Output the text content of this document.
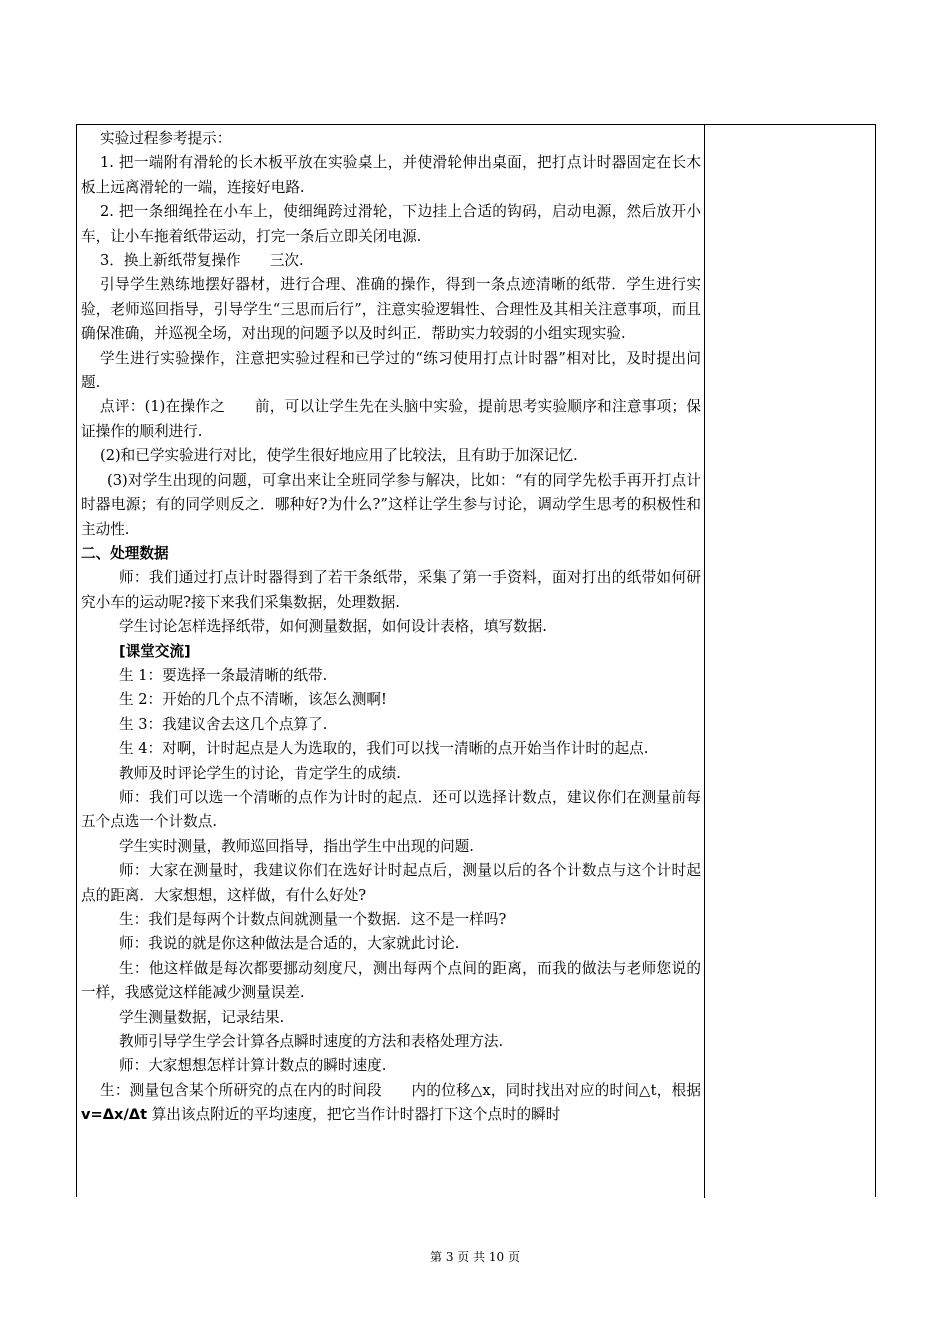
实验过程参考提示：

1. 把一端附有滑轮的长木板平放在实验桌上，并使滑轮伸出桌面，把打点计时器固定在长木板上远离滑轮的一端，连接好电路.

2. 把一条细绳拴在小车上，使细绳跨过滑轮，下边挂上合适的钩码，启动电源，然后放开小车，让小车拖着纸带运动，打完一条后立即关闭电源.

3．换上新纸带复操作　　三次.

引导学生熟练地摆好器材，进行合理、准确的操作，得到一条点迹清晰的纸带．学生进行实验，老师巡回指导，引导学生“三思而后行”，注意实验逻辑性、合理性及其相关注意事项，而且确保准确，并巡视全场，对出现的问题予以及时纠正．帮助实力较弱的小组实现实验.

学生进行实验操作，注意把实验过程和已学过的“练习使用打点计时器”相对比，及时提出问题.

点评：(1)在操作之　　前，可以让学生先在头脑中实验，提前思考实验顺序和注意事项；保证操作的顺利进行.

(2)和已学实验进行对比，使学生很好地应用了比较法，且有助于加深记忆.

(3)对学生出现的问题，可拿出来让全班同学参与解决，比如：“有的同学先松手再开打点计时器电源；有的同学则反之．哪种好?为什么?”这样让学生参与讨论，调动学生思考的积极性和主动性.

二、处理数据

师：我们通过打点计时器得到了若干条纸带，采集了第一手资料，面对打出的纸带如何研究小车的运动呢?接下来我们采集数据，处理数据.

学生讨论怎样选择纸带，如何测量数据，如何设计表格，填写数据.

[课堂交流]

生 1：要选择一条最清晰的纸带.

生 2：开始的几个点不清晰，该怎么测啊!

生 3：我建议舍去这几个点算了.

生 4：对啊，计时起点是人为选取的，我们可以找一清晰的点开始当作计时的起点.

教师及时评论学生的讨论，肯定学生的成绩.

师：我们可以选一个清晰的点作为计时的起点．还可以选择计数点，建议你们在测量前每五个点选一个计数点.

学生实时测量，教师巡回指导，指出学生中出现的问题.

师：大家在测量时，我建议你们在选好计时起点后，测量以后的各个计数点与这个计时起点的距离．大家想想，这样做，有什么好处?

生：我们是每两个计数点间就测量一个数据．这不是一样吗?

师：我说的就是你这种做法是合适的，大家就此讨论.

生：他这样做是每次都要挪动刻度尺，测出每两个点间的距离，而我的做法与老师您说的一样，我感觉这样能减少测量误差.

学生测量数据，记录结果.

教师引导学生学会计算各点瞬时速度的方法和表格处理方法.

师：大家想想怎样计算计数点的瞬时速度.

生：测量包含某个所研究的点在内的时间段　　内的位移△x，同时找出对应的时间△t，根据 v=Δx/Δt 算出该点附近的平均速度，把它当作计时器打下这个点时的瞬时

第 3 页 共 10 页
